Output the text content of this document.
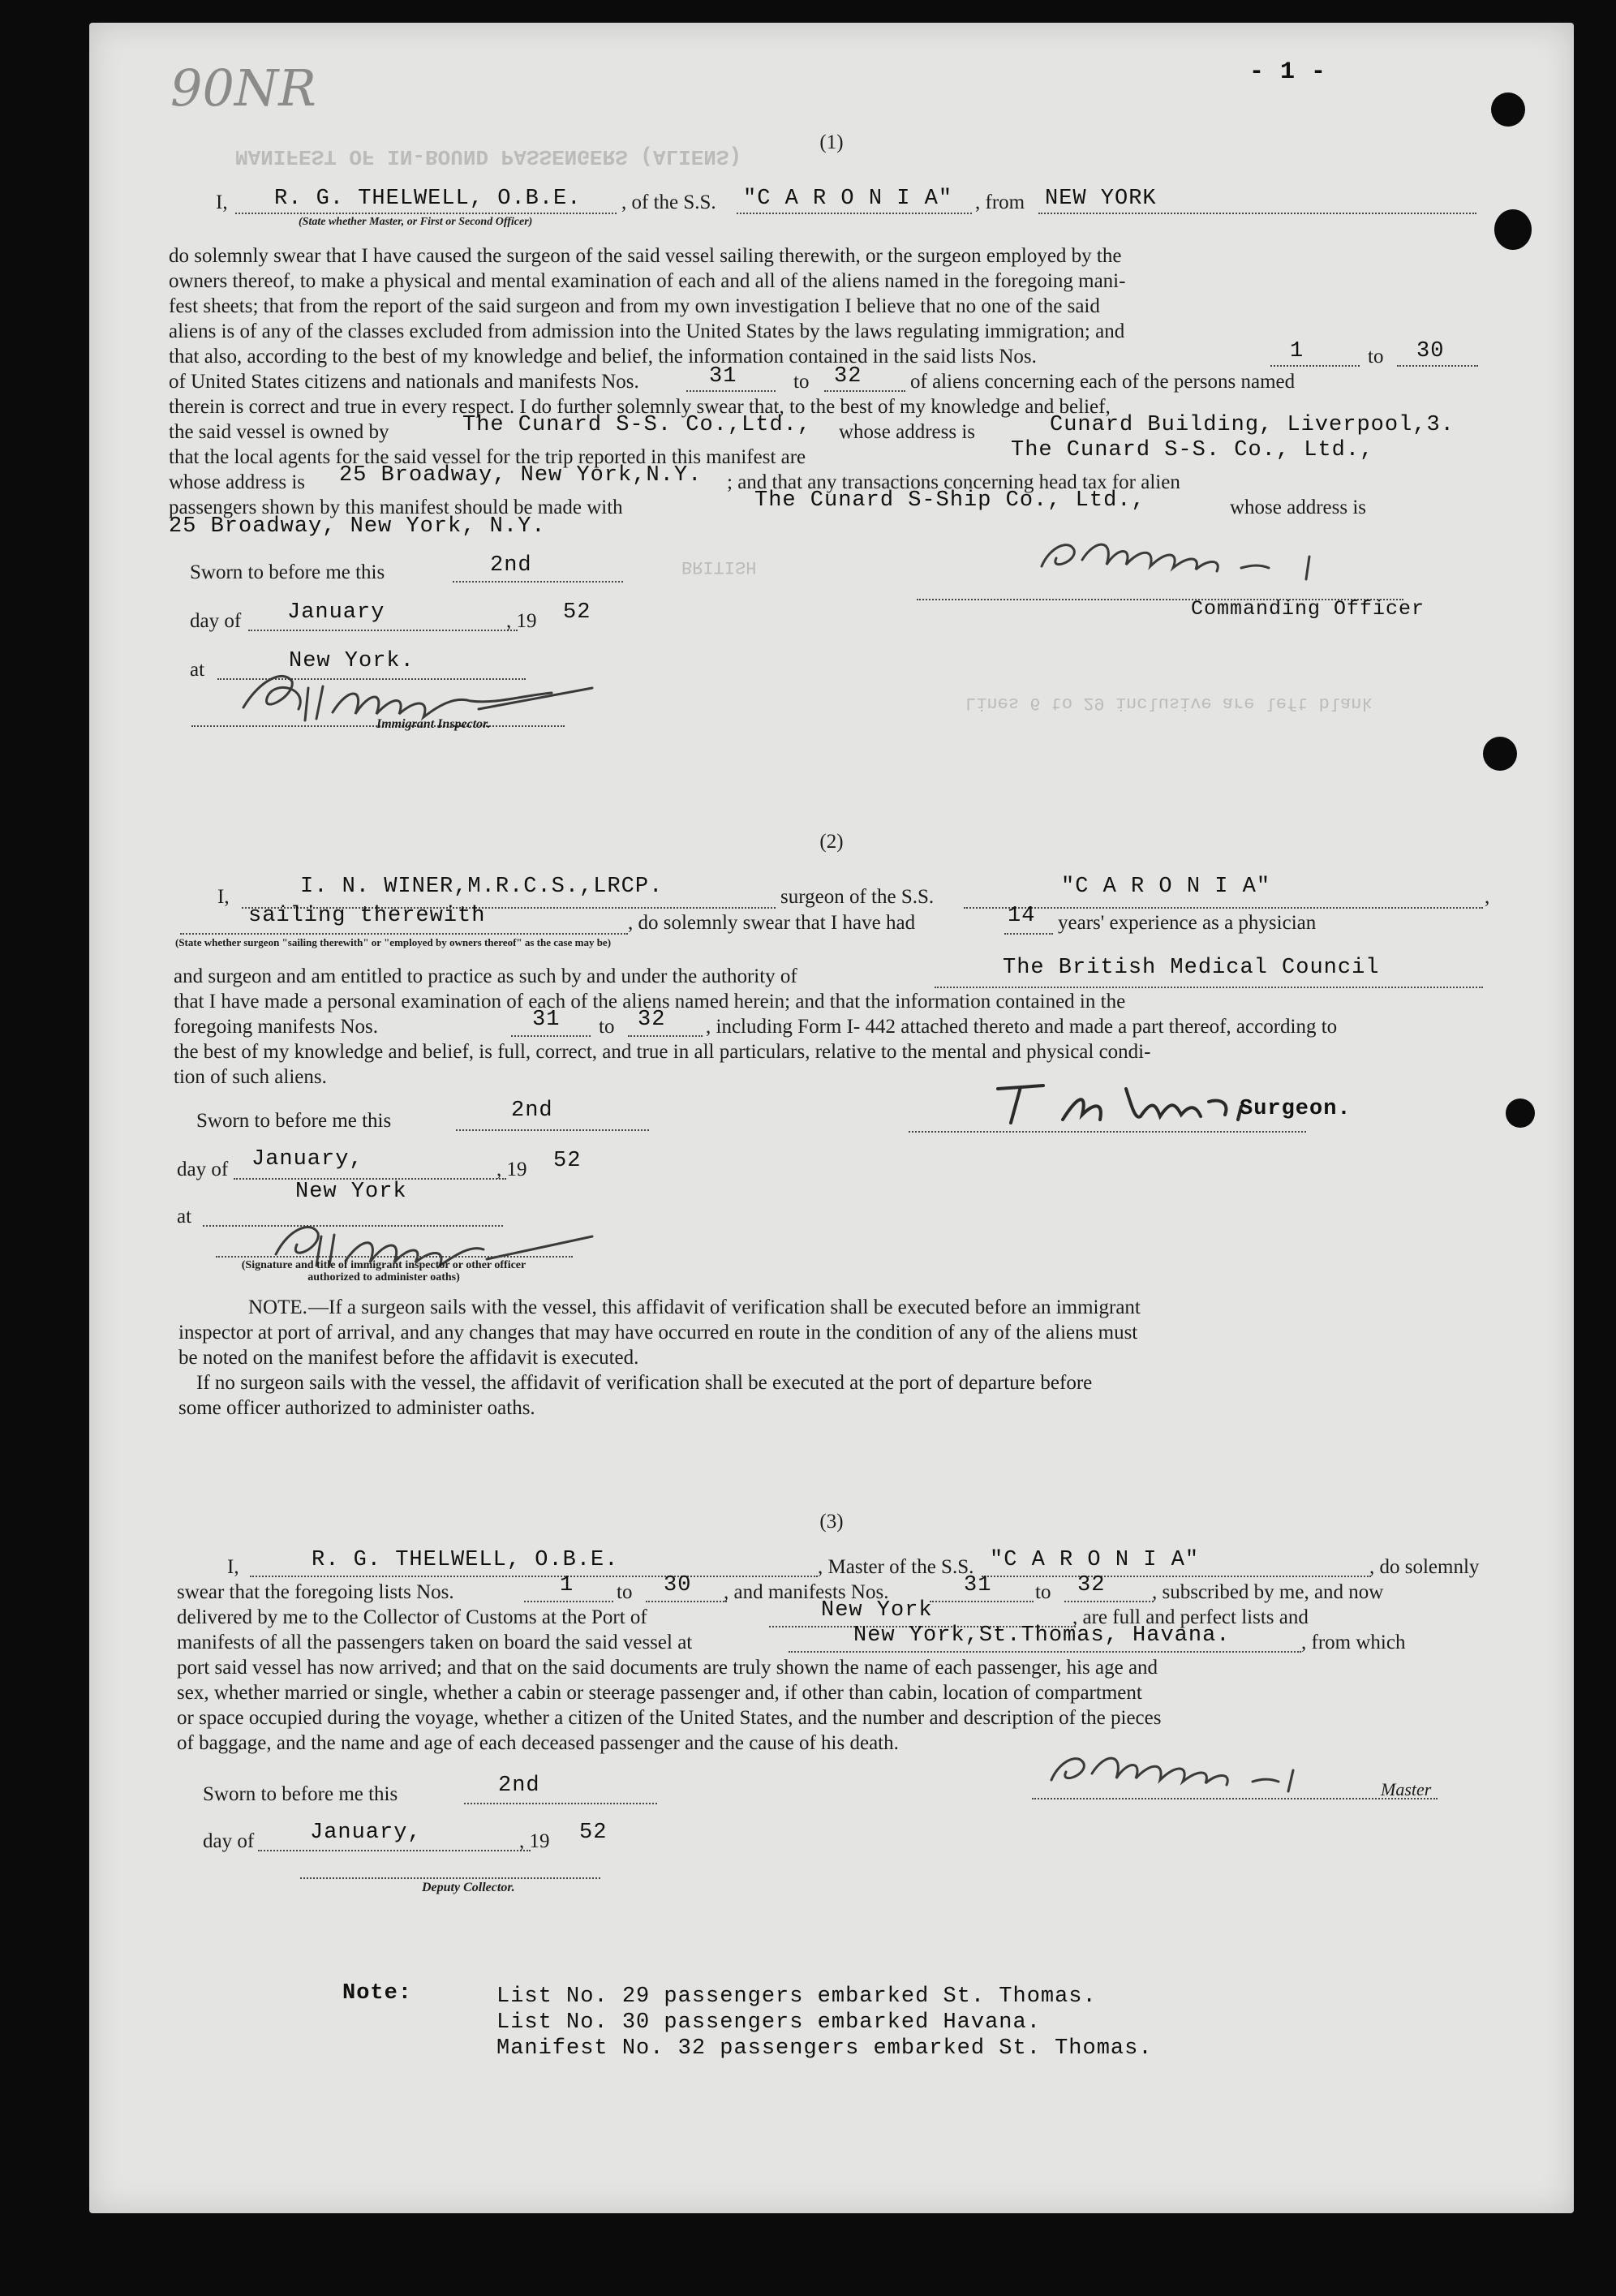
MANIFEST OF IN-BOUND PASSENGERS (ALIENS)
BRITISH
Lines 6 to 29 inclusive are left blank
90NR	- 1 -
(1)
I, R. G. THELWELL, O.B.E.
(State whether Master, or First or Second Officer)
, of the S.S. "C A R O N I A" , from NEW YORK
do solemnly swear that I have caused the surgeon of the said vessel sailing therewith, or the surgeon employed by the
owners thereof, to make a physical and mental examination of each and all of the aliens named in the foregoing mani-
fest sheets; that from the report of the said surgeon and from my own investigation I believe that no one of the said
aliens is of any of the classes excluded from admission into the United States by the laws regulating immigration; and
that also, according to the best of my knowledge and belief, the information contained in the said lists Nos.	1	to 30
of United States citizens and nationals and manifests Nos.	31	to 32 of aliens concerning each of the persons named
therein is correct and true in every respect. I do further solemnly swear that, to the best of my knowledge and belief,
the said vessel is owned by	The Cunard S-S. Co.,Ltd., whose address is	Cunard Building, Liverpool,3.
that the local agents for the said vessel for the trip reported in this manifest are	The Cunard S-S. Co., Ltd.,
whose address is 25 Broadway, New York,N.Y. ; and that any transactions concerning head tax for alien
passengers shown by this manifest should be made with	The Cunard S-Ship Co., Ltd.,	whose address is
25 Broadway, New York, N.Y.
Sworn to before me this	2nd
day of January	, 19 52
at	New York.
Immigrant Inspector.
Commanding Officer
(2)
I,	I. N. WINER,M.R.C.S.,LRCP.	surgeon of the S.S.	"C A R O N I A"	,
sailing therewith
(State whether surgeon "sailing therewith" or "employed by owners thereof" as the case may be)
, do solemnly swear that I have had	14 years' experience as a physician
and surgeon and am entitled to practice as such by and under the authority of	The British Medical Council
that I have made a personal examination of each of the aliens named herein; and that the information contained in the
foregoing manifests Nos.	31 to 32 , including Form I- 442 attached thereto and made a part thereof, according to
the best of my knowledge and belief, is full, correct, and true in all particulars, relative to the mental and physical condi-
tion of such aliens.
Sworn to before me this	2nd
day of January,	, 19 52
at
New York
(Signature and title of immigrant inspector or other officer authorized to administer oaths)
Surgeon.
NOTE. —If a surgeon sails with the vessel, this affidavit of verification shall be executed before an immigrant
inspector at port of arrival, and any changes that may have occurred en route in the condition of any of the aliens must
be noted on the manifest before the affidavit is executed.
If no surgeon sails with the vessel, the affidavit of verification shall be executed at the port of departure before
some officer authorized to administer oaths.
(3)
I,	R. G. THELWELL, O.B.E.	, Master of the S.S. "C A R O N I A"	, do solemnly
swear that the foregoing lists Nos.	1 to 30 , and manifests Nos.	31 to 32 , subscribed by me, and now
delivered by me to the Collector of Customs at the Port of	New York	, are full and perfect lists and
manifests of all the passengers taken on board the said vessel at	New York,St.Thomas, Havana.	, from which
port said vessel has now arrived; and that on the said documents are truly shown the name of each passenger, his age and
sex, whether married or single, whether a cabin or steerage passenger and, if other than cabin, location of compartment
or space occupied during the voyage, whether a citizen of the United States, and the number and description of the pieces
of baggage, and the name and age of each deceased passenger and the cause of his death.
Sworn to before me this	2nd
day of	January,	, 19 52
Deputy Collector.
Master
Note:	List No. 29 passengers embarked St. Thomas.
List No. 30 passengers embarked Havana.
Manifest No. 32 passengers embarked St. Thomas.
